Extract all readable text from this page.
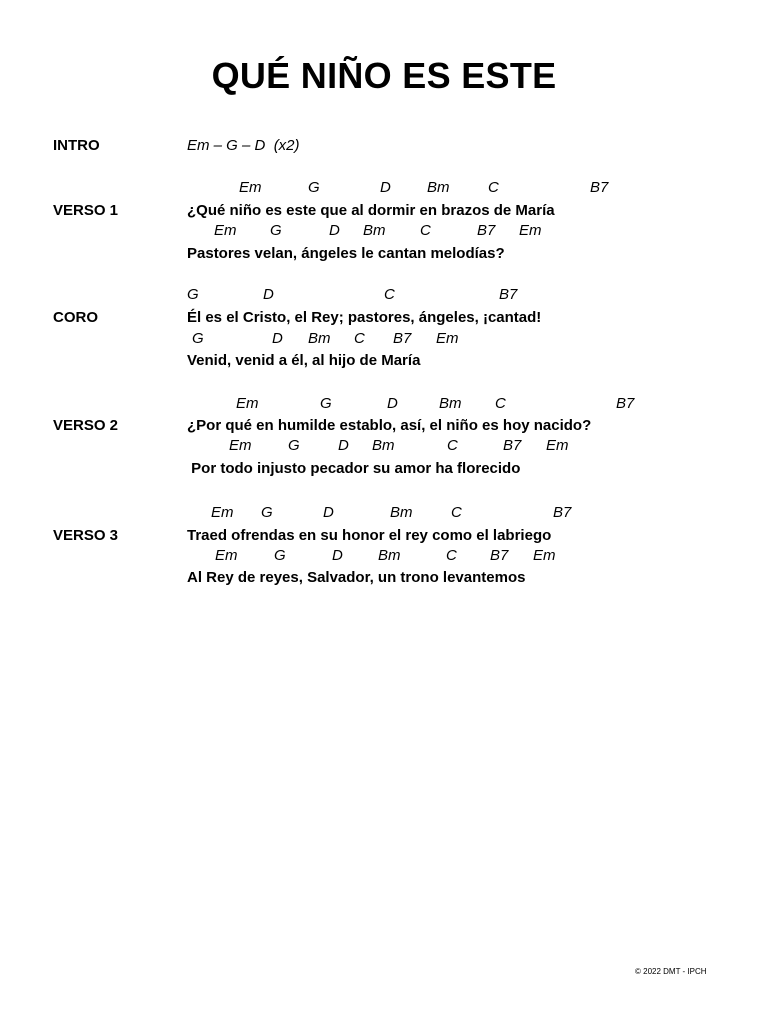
QUÉ NIÑO ES ESTE
INTRO	Em – G – D  (x2)
Em	G	D Bm	C	B7
VERSO 1	¿Qué niño es este que al dormir en brazos de María
Em G	D Bm C	B7 Em
Pastores velan, ángeles le cantan melodías?
G	D	C	B7
CORO	Él es el Cristo, el Rey; pastores, ángeles, ¡cantad!
G	D Bm C B7 Em
Venid, venid a él, al hijo de María
Em	G	D	Bm C	B7
VERSO 2	¿Por qué en humilde establo, así, el niño es hoy nacido?
Em G	D Bm	C	B7 Em
Por todo injusto pecador su amor ha florecido
Em G	D	Bm	C	B7
VERSO 3	Traed ofrendas en su honor el rey como el labriego
Em G	D Bm	C B7 Em
Al Rey de reyes, Salvador, un trono levantemos
© 2022 DMT - IPCH
